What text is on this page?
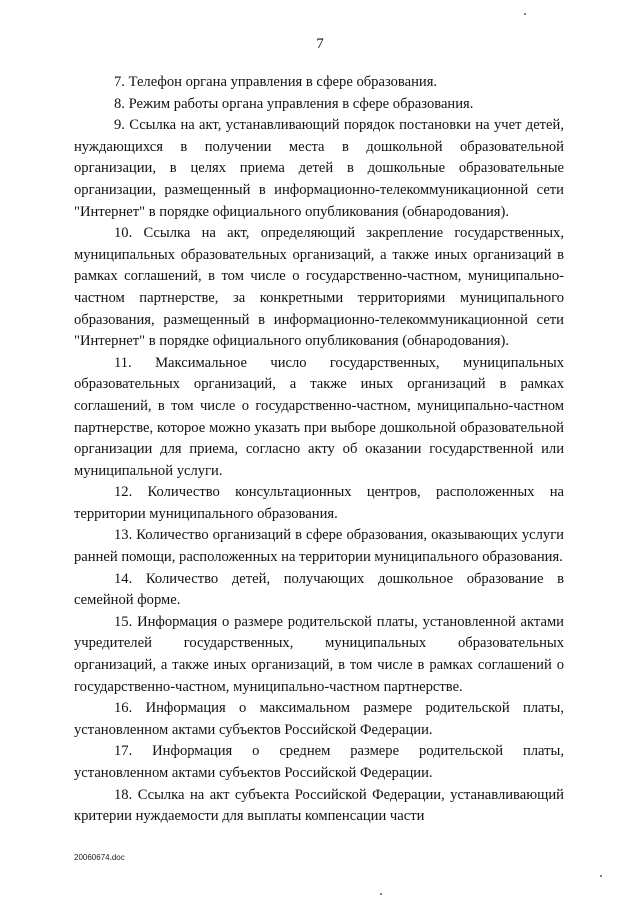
7

7. Телефон органа управления в сфере образования.

8. Режим работы органа управления в сфере образования.

9. Ссылка на акт, устанавливающий порядок постановки на учет детей, нуждающихся в получении места в дошкольной образовательной организации, в целях приема детей в дошкольные образовательные организации, размещенный в информационно-телекоммуникационной сети "Интернет" в порядке официального опубликования (обнародования).

10. Ссылка на акт, определяющий закрепление государственных, муниципальных образовательных организаций, а также иных организаций в рамках соглашений, в том числе о государственно-частном, муниципально-частном партнерстве, за конкретными территориями муниципального образования, размещенный в информационно-телекоммуникационной сети "Интернет" в порядке официального опубликования (обнародования).

11. Максимальное число государственных, муниципальных образовательных организаций, а также иных организаций в рамках соглашений, в том числе о государственно-частном, муниципально-частном партнерстве, которое можно указать при выборе дошкольной образовательной организации для приема, согласно акту об оказании государственной или муниципальной услуги.

12. Количество консультационных центров, расположенных на территории муниципального образования.

13. Количество организаций в сфере образования, оказывающих услуги ранней помощи, расположенных на территории муниципального образования.

14. Количество детей, получающих дошкольное образование в семейной форме.

15. Информация о размере родительской платы, установленной актами учредителей государственных, муниципальных образовательных организаций, а также иных организаций, в том числе в рамках соглашений о государственно-частном, муниципально-частном партнерстве.

16. Информация о максимальном размере родительской платы, установленном актами субъектов Российской Федерации.

17. Информация о среднем размере родительской платы, установленном актами субъектов Российской Федерации.

18. Ссылка на акт субъекта Российской Федерации, устанавливающий критерии нуждаемости для выплаты компенсации части

20060674.doc
